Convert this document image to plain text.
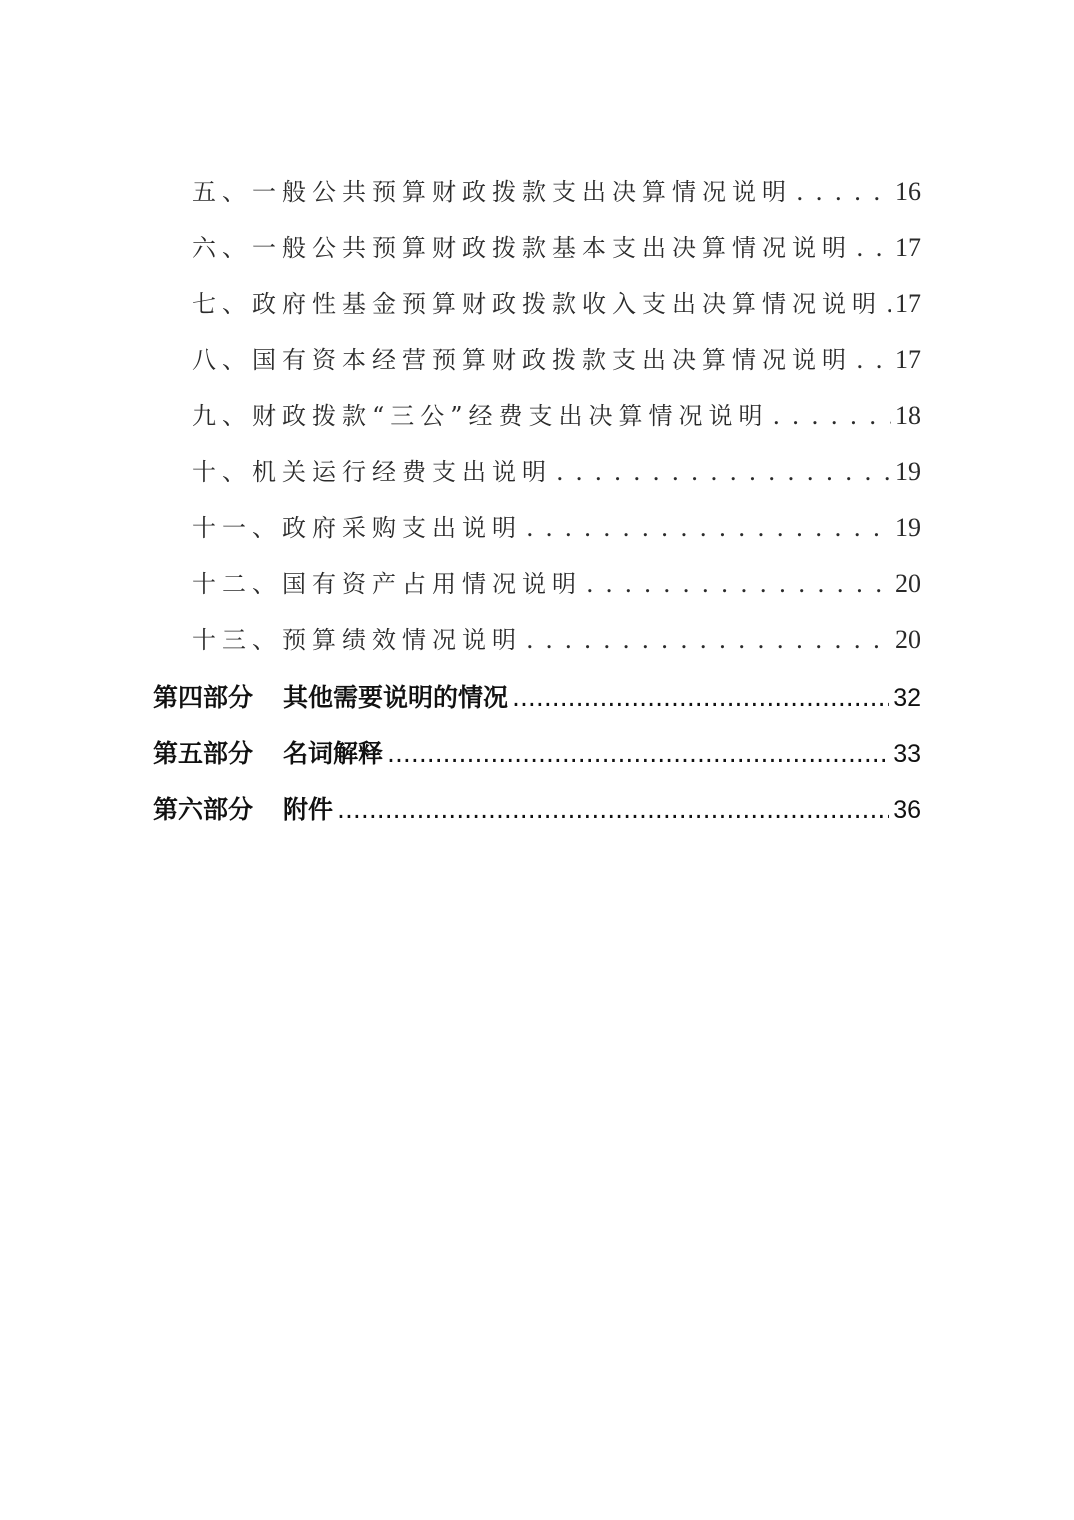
五、一般公共预算财政拨款支出决算情况说明 . . .	16
六、一般公共预算财政拨款基本支出决算情况说明 . . . 17
七、政府性基金预算财政拨款收入支出决算情况说明 . . . 17
八、国有资本经营预算财政拨款支出决算情况说明 . . . 17
九、财政拨款“三公”经费支出决算情况说明 . . .	18
十、机关运行经费支出说明 . . .	19
十一、政府采购支出说明 . . .	19
十二、国有资产占用情况说明 . . .	20
十三、预算绩效情况说明 . . .	20
第四部分 其他需要说明的情况 .....	32
第五部分 名词解释 .....	33
第六部分 附件 .....	36
